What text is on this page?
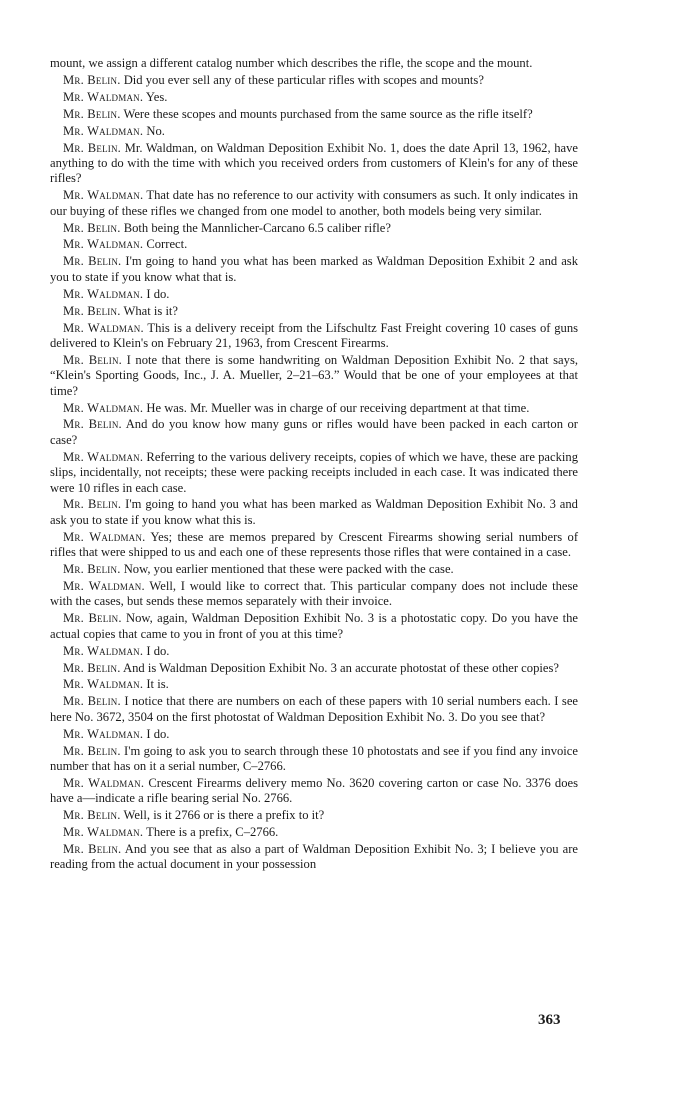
mount, we assign a different catalog number which describes the rifle, the scope and the mount.

Mr. Belin. Did you ever sell any of these particular rifles with scopes and mounts?

Mr. Waldman. Yes.

Mr. Belin. Were these scopes and mounts purchased from the same source as the rifle itself?

Mr. Waldman. No.

Mr. Belin. Mr. Waldman, on Waldman Deposition Exhibit No. 1, does the date April 13, 1962, have anything to do with the time with which you received orders from customers of Klein's for any of these rifles?

Mr. Waldman. That date has no reference to our activity with consumers as such. It only indicates in our buying of these rifles we changed from one model to another, both models being very similar.

Mr. Belin. Both being the Mannlicher-Carcano 6.5 caliber rifle?

Mr. Waldman. Correct.

Mr. Belin. I'm going to hand you what has been marked as Waldman Deposition Exhibit 2 and ask you to state if you know what that is.

Mr. Waldman. I do.

Mr. Belin. What is it?

Mr. Waldman. This is a delivery receipt from the Lifschultz Fast Freight covering 10 cases of guns delivered to Klein's on February 21, 1963, from Crescent Firearms.

Mr. Belin. I note that there is some handwriting on Waldman Deposition Exhibit No. 2 that says, “Klein's Sporting Goods, Inc., J. A. Mueller, 2–21–63.” Would that be one of your employees at that time?

Mr. Waldman. He was. Mr. Mueller was in charge of our receiving department at that time.

Mr. Belin. And do you know how many guns or rifles would have been packed in each carton or case?

Mr. Waldman. Referring to the various delivery receipts, copies of which we have, these are packing slips, incidentally, not receipts; these were packing receipts included in each case. It was indicated there were 10 rifles in each case.

Mr. Belin. I'm going to hand you what has been marked as Waldman Deposition Exhibit No. 3 and ask you to state if you know what this is.

Mr. Waldman. Yes; these are memos prepared by Crescent Firearms showing serial numbers of rifles that were shipped to us and each one of these represents those rifles that were contained in a case.

Mr. Belin. Now, you earlier mentioned that these were packed with the case.

Mr. Waldman. Well, I would like to correct that. This particular company does not include these with the cases, but sends these memos separately with their invoice.

Mr. Belin. Now, again, Waldman Deposition Exhibit No. 3 is a photostatic copy. Do you have the actual copies that came to you in front of you at this time?

Mr. Waldman. I do.

Mr. Belin. And is Waldman Deposition Exhibit No. 3 an accurate photostat of these other copies?

Mr. Waldman. It is.

Mr. Belin. I notice that there are numbers on each of these papers with 10 serial numbers each. I see here No. 3672, 3504 on the first photostat of Waldman Deposition Exhibit No. 3. Do you see that?

Mr. Waldman. I do.

Mr. Belin. I'm going to ask you to search through these 10 photostats and see if you find any invoice number that has on it a serial number, C–2766.

Mr. Waldman. Crescent Firearms delivery memo No. 3620 covering carton or case No. 3376 does have a—indicate a rifle bearing serial No. 2766.

Mr. Belin. Well, is it 2766 or is there a prefix to it?

Mr. Waldman. There is a prefix, C–2766.

Mr. Belin. And you see that as also a part of Waldman Deposition Exhibit No. 3; I believe you are reading from the actual document in your possession

363
